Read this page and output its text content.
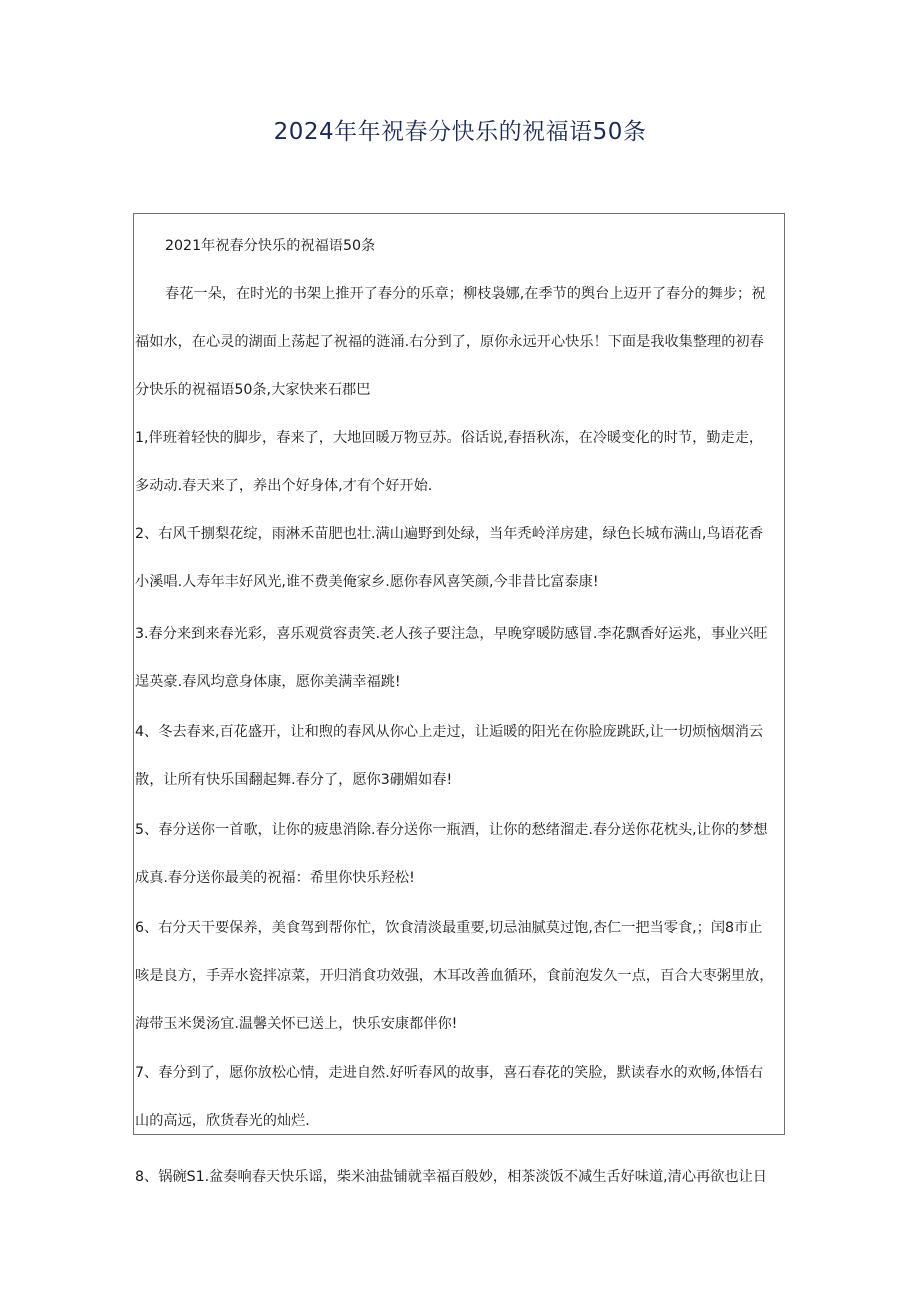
2024年年祝春分快乐的祝福语50条

2021年祝春分快乐的祝福语50条

春花一朵，在时光的书架上推开了春分的乐章；柳枝袅娜,在季节的舆台上迈开了春分的舞步；祝
福如水，在心灵的湖面上荡起了祝福的涟涌.右分到了，原你永远开心快乐！下面是我收集整理的初春
分快乐的祝福语50条,大家快来石郡巴

1,伴班着轻快的脚步，春来了，大地回暖万物豆苏。俗话说,春捂秋冻，在冷暖变化的时节，勤走走，
多动动.春天来了，养出个好身体,才有个好开始.

2、右风千捌梨花绽，雨淋禾苗肥也壮.满山遍野到处绿，当年秃岭洋房建，绿色长城布满山,鸟语花香
小溪唱.人寿年丰好风光,谁不费美俺家乡.愿你春风喜笑颜,今非昔比富泰康!

3.春分来到来春光彩，喜乐观赏容责笑.老人孩子要注急，早晚穿暖防感冒.李花飘香好运兆，事业兴旺
逞英豪.春风均意身体康，愿你美满幸福跳!

4、冬去春来,百花盛开，让和煦的春风从你心上走过，让逅暖的阳光在你脸庞跳跃,让一切烦恼烟消云
散，让所有快乐国翻起舞.春分了，愿你3硼媚如春!

5、春分送你一首歌，让你的疲患消除.春分送你一瓶酒，让你的愁绪溜走.春分送你花枕头,让你的梦想
成真.春分送你最美的祝福：希里你快乐羟松!

6、右分天干要保养，美食驾到帮你忙，饮食清淡最重要,切忌油腻莫过饱,杏仁一把当零食,；闰8市止
咳是良方，手弄水瓷拌凉菜，开归消食功效强，木耳改善血循环，食前泡发久一点，百合大枣粥里放，
海带玉米煲汤宜.温馨关怀已送上，快乐安康都伴你!

7、春分到了，愿你放松心情，走进自然.好听春风的故事，喜石春花的笑脸，默读春水的欢畅,体悟右
山的高远，欣货春光的灿烂.

8、锅碗S1.盆奏响春天快乐谣，柴米油盐铺就幸福百般妙，相茶淡饭不减生舌好味道,清心再欲也让日
